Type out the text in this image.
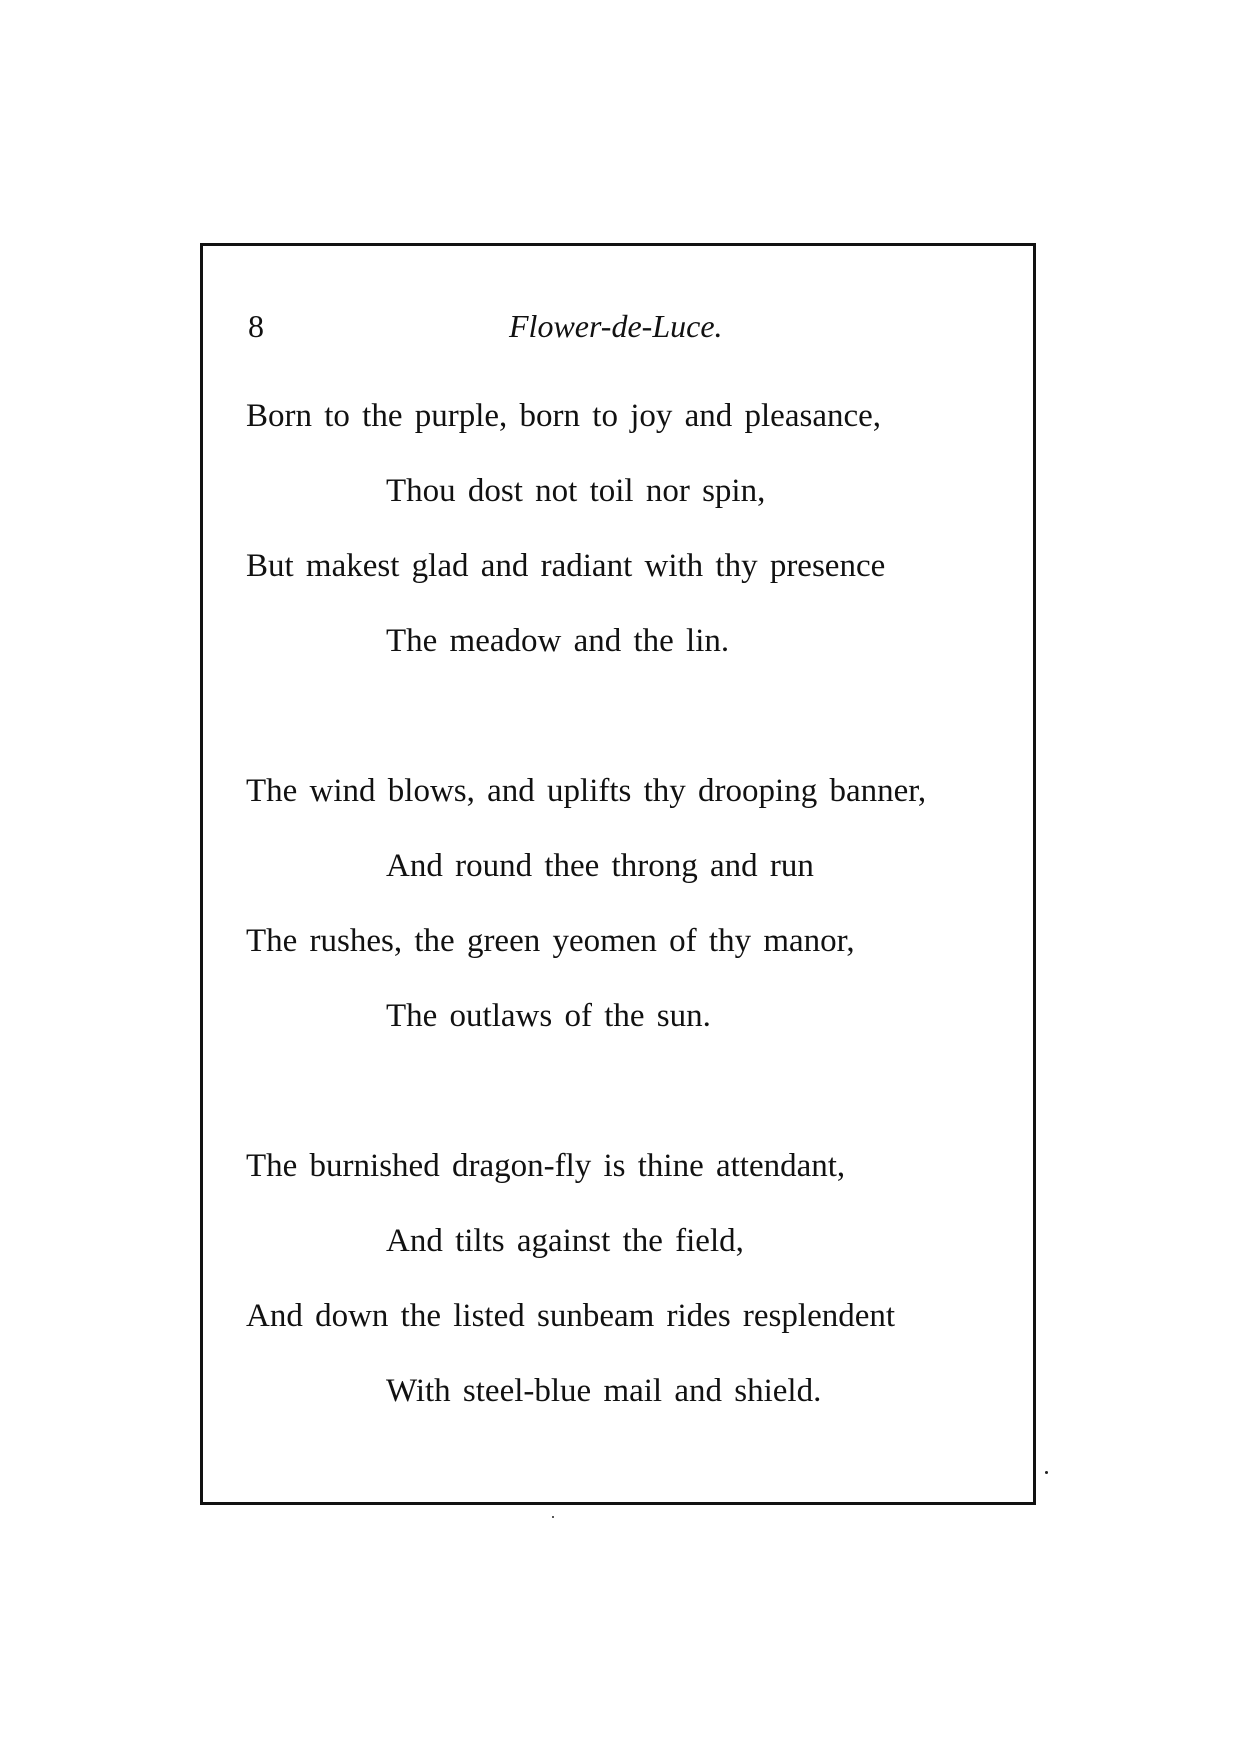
8	Flower-de-Luce.
Born to the purple, born to joy and pleasance,
Thou dost not toil nor spin,
But makest glad and radiant with thy presence
The meadow and the lin.
The wind blows, and uplifts thy drooping banner,
And round thee throng and run
The rushes, the green yeomen of thy manor,
The outlaws of the sun.
The burnished dragon-fly is thine attendant,
And tilts against the field,
And down the listed sunbeam rides resplendent
With steel-blue mail and shield.
